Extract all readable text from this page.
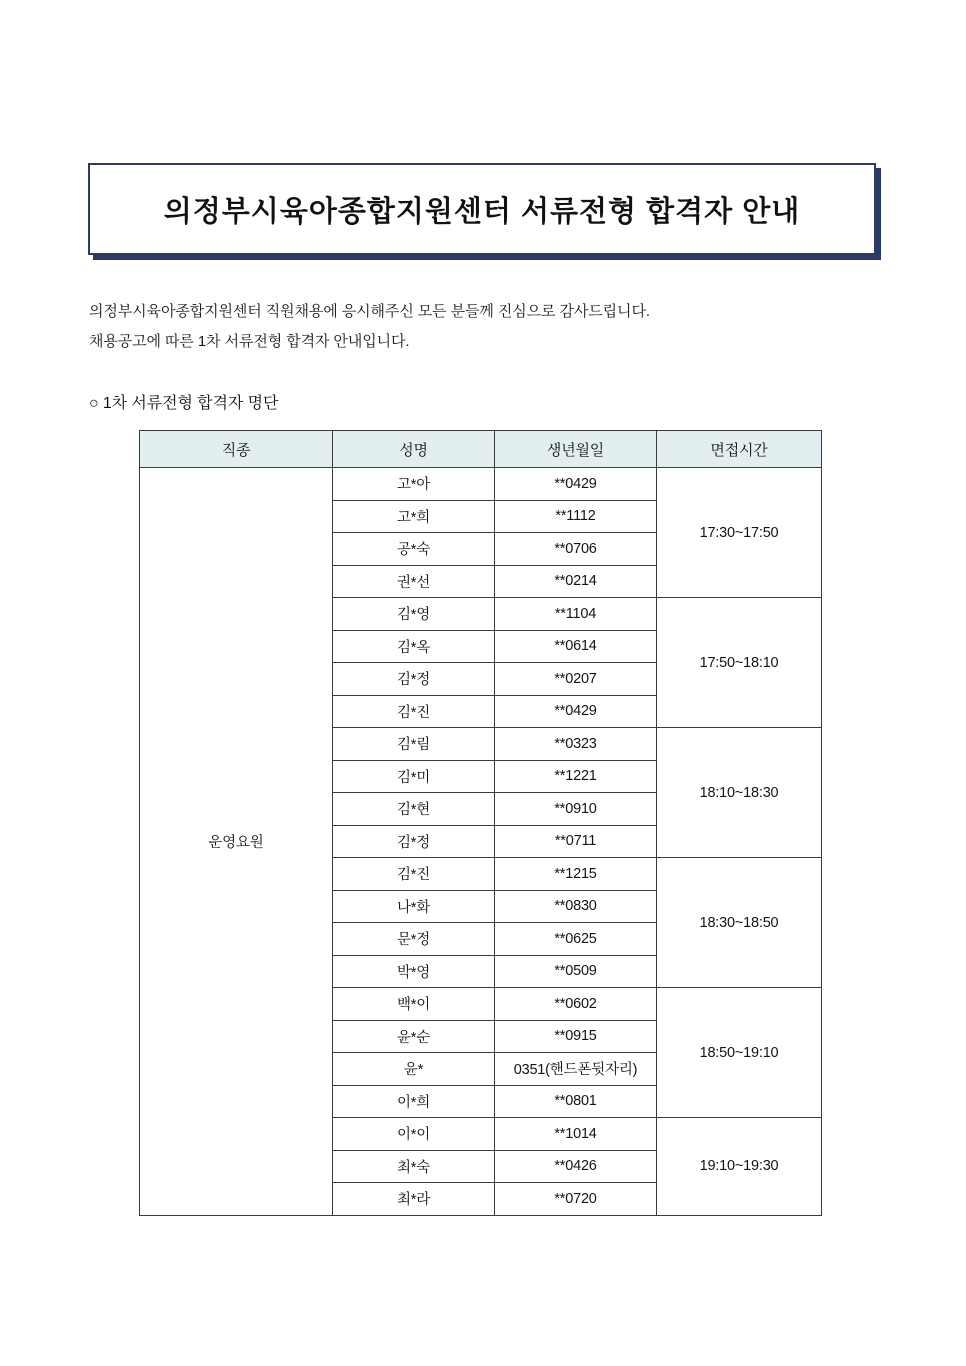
의정부시육아종합지원센터 서류전형 합격자 안내
의정부시육아종합지원센터 직원채용에 응시해주신 모든 분들께 진심으로 감사드립니다.
채용공고에 따른 1차 서류전형 합격자 안내입니다.
○ 1차 서류전형 합격자 명단
직종	성명	생년월일	면접시간
운영요원	고*아	**0429	17:30~17:50
	고*희	**1112	
	공*숙	**0706	
	권*선	**0214	
	김*영	**1104	17:50~18:10
	김*옥	**0614	
	김*정	**0207	
	김*진	**0429	
	김*림	**0323	18:10~18:30
	김*미	**1221	
	김*현	**0910	
	김*정	**0711	
	김*진	**1215	18:30~18:50
	나*화	**0830	
	문*정	**0625	
	박*영	**0509	
	백*이	**0602	18:50~19:10
	윤*순	**0915	
	윤*	0351(핸드폰뒷자리)	
	이*희	**0801	
	이*이	**1014	19:10~19:30
	최*숙	**0426	
	최*라	**0720	
